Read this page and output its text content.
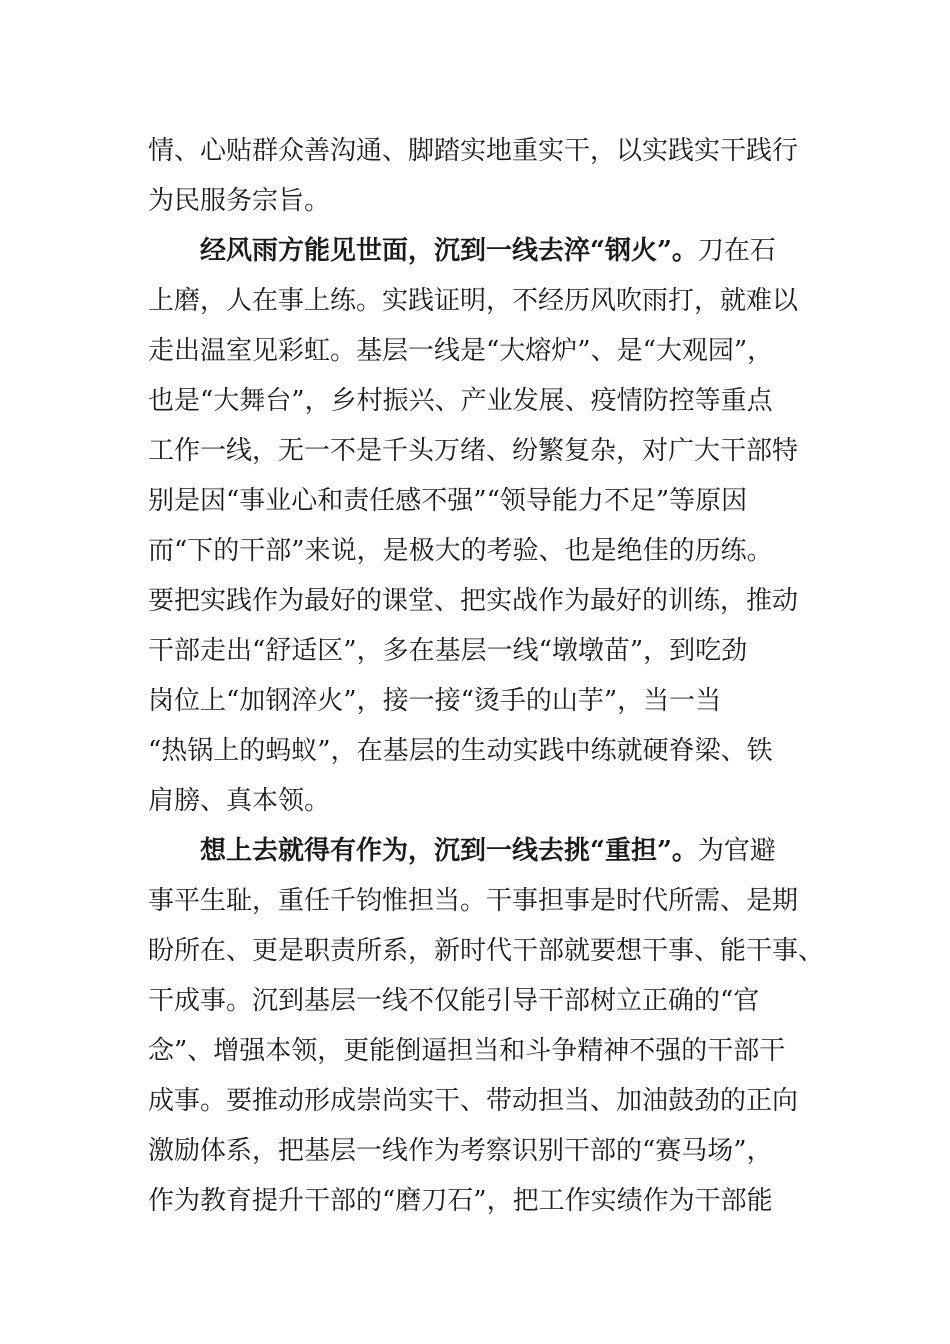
情、心贴群众善沟通、脚踏实地重实干，以实践实干践行
为民服务宗旨。
经风雨方能见世面，沉到一线去淬“钢火”。刀在石
上磨，人在事上练。实践证明，不经历风吹雨打，就难以
走出温室见彩虹。基层一线是“大熔炉”、是“大观园”，
也是“大舞台”，乡村振兴、产业发展、疫情防控等重点
工作一线，无一不是千头万绪、纷繁复杂，对广大干部特
别是因“事业心和责任感不强”“领导能力不足”等原因
而“下的干部”来说，是极大的考验、也是绝佳的历练。
要把实践作为最好的课堂、把实战作为最好的训练，推动
干部走出“舒适区”，多在基层一线“墩墩苗”，到吃劲
岗位上“加钢淬火”，接一接“烫手的山芋”，当一当
“热锅上的蚂蚁”，在基层的生动实践中练就硬脊梁、铁
肩膀、真本领。
想上去就得有作为，沉到一线去挑“重担”。为官避
事平生耻，重任千钧惟担当。干事担事是时代所需、是期
盼所在、更是职责所系，新时代干部就要想干事、能干事、
干成事。沉到基层一线不仅能引导干部树立正确的“官
念”、增强本领，更能倒逼担当和斗争精神不强的干部干
成事。要推动形成崇尚实干、带动担当、加油鼓劲的正向
激励体系，把基层一线作为考察识别干部的“赛马场”，
作为教育提升干部的“磨刀石”，把工作实绩作为干部能
